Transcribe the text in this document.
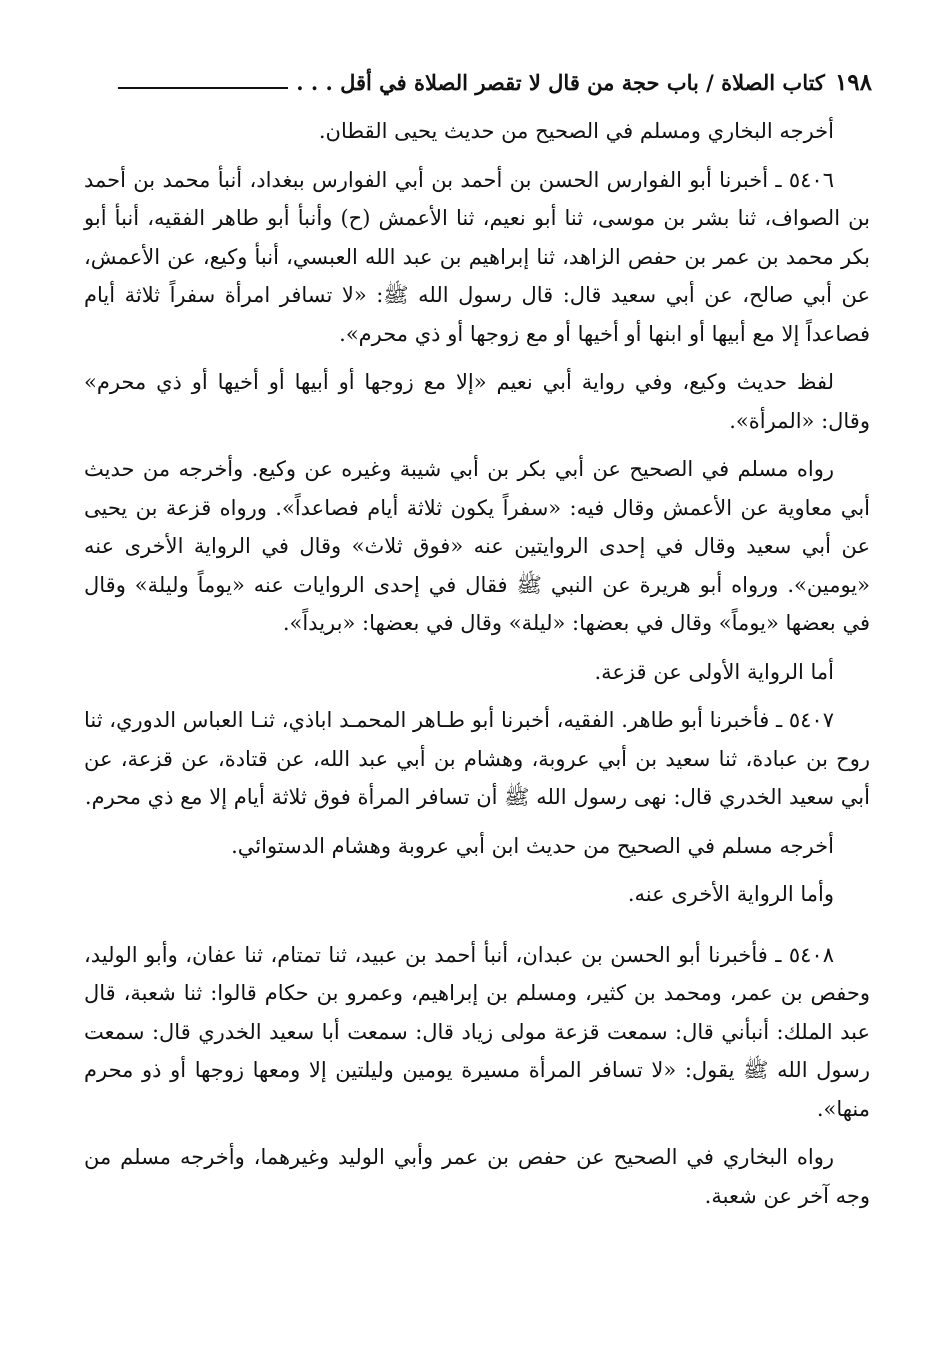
١٩٨
كتاب الصلاة / باب حجة من قال لا تقصر الصلاة في أقل . . .

أخرجه البخاري ومسلم في الصحيح من حديث يحيى القطان.

٥٤٠٦ ـ أخبرنا أبو الفوارس الحسن بن أحمد بن أبي الفوارس ببغداد، أنبأ محمد بن أحمد بن الصواف، ثنا بشر بن موسى، ثنا أبو نعيم، ثنا الأعمش (ح) وأنبأ أبو طاهر الفقيه، أنبأ أبو بكر محمد بن عمر بن حفص الزاهد، ثنا إبراهيم بن عبد الله العبسي، أنبأ وكيع، عن الأعمش، عن أبي صالح، عن أبي سعيد قال: قال رسول الله ﷺ: «لا تسافر امرأة سفراً ثلاثة أيام فصاعداً إلا مع أبيها أو ابنها أو أخيها أو مع زوجها أو ذي محرم».

لفظ حديث وكيع، وفي رواية أبي نعيم «إلا مع زوجها أو أبيها أو أخيها أو ذي محرم» وقال: «المرأة».

رواه مسلم في الصحيح عن أبي بكر بن أبي شيبة وغيره عن وكيع. وأخرجه من حديث أبي معاوية عن الأعمش وقال فيه: «سفراً يكون ثلاثة أيام فصاعداً». ورواه قزعة بن يحيى عن أبي سعيد وقال في إحدى الروايتين عنه «فوق ثلاث» وقال في الرواية الأخرى عنه «يومين». ورواه أبو هريرة عن النبي ﷺ فقال في إحدى الروايات عنه «يوماً وليلة» وقال في بعضها «يوماً» وقال في بعضها: «ليلة» وقال في بعضها: «بريداً».

أما الرواية الأولى عن قزعة.

٥٤٠٧ ـ فأخبرنا أبو طاهر. الفقيه، أخبرنا أبو طـاهر المحمـد اباذي، ثنـا العباس الدوري، ثنا روح بن عبادة، ثنا سعيد بن أبي عروبة، وهشام بن أبي عبد الله، عن قتادة، عن قزعة، عن أبي سعيد الخدري قال: نهى رسول الله ﷺ أن تسافر المرأة فوق ثلاثة أيام إلا مع ذي محرم.

أخرجه مسلم في الصحيح من حديث ابن أبي عروبة وهشام الدستوائي.

وأما الرواية الأخرى عنه.

٥٤٠٨ ـ فأخبرنا أبو الحسن بن عبدان، أنبأ أحمد بن عبيد، ثنا تمتام، ثنا عفان، وأبو الوليد، وحفص بن عمر، ومحمد بن كثير، ومسلم بن إبراهيم، وعمرو بن حكام قالوا: ثنا شعبة، قال عبد الملك: أنبأني قال: سمعت قزعة مولى زياد قال: سمعت أبا سعيد الخدري قال: سمعت رسول الله ﷺ يقول: «لا تسافر المرأة مسيرة يومين وليلتين إلا ومعها زوجها أو ذو محرم منها».

رواه البخاري في الصحيح عن حفص بن عمر وأبي الوليد وغيرهما، وأخرجه مسلم من وجه آخر عن شعبة.
